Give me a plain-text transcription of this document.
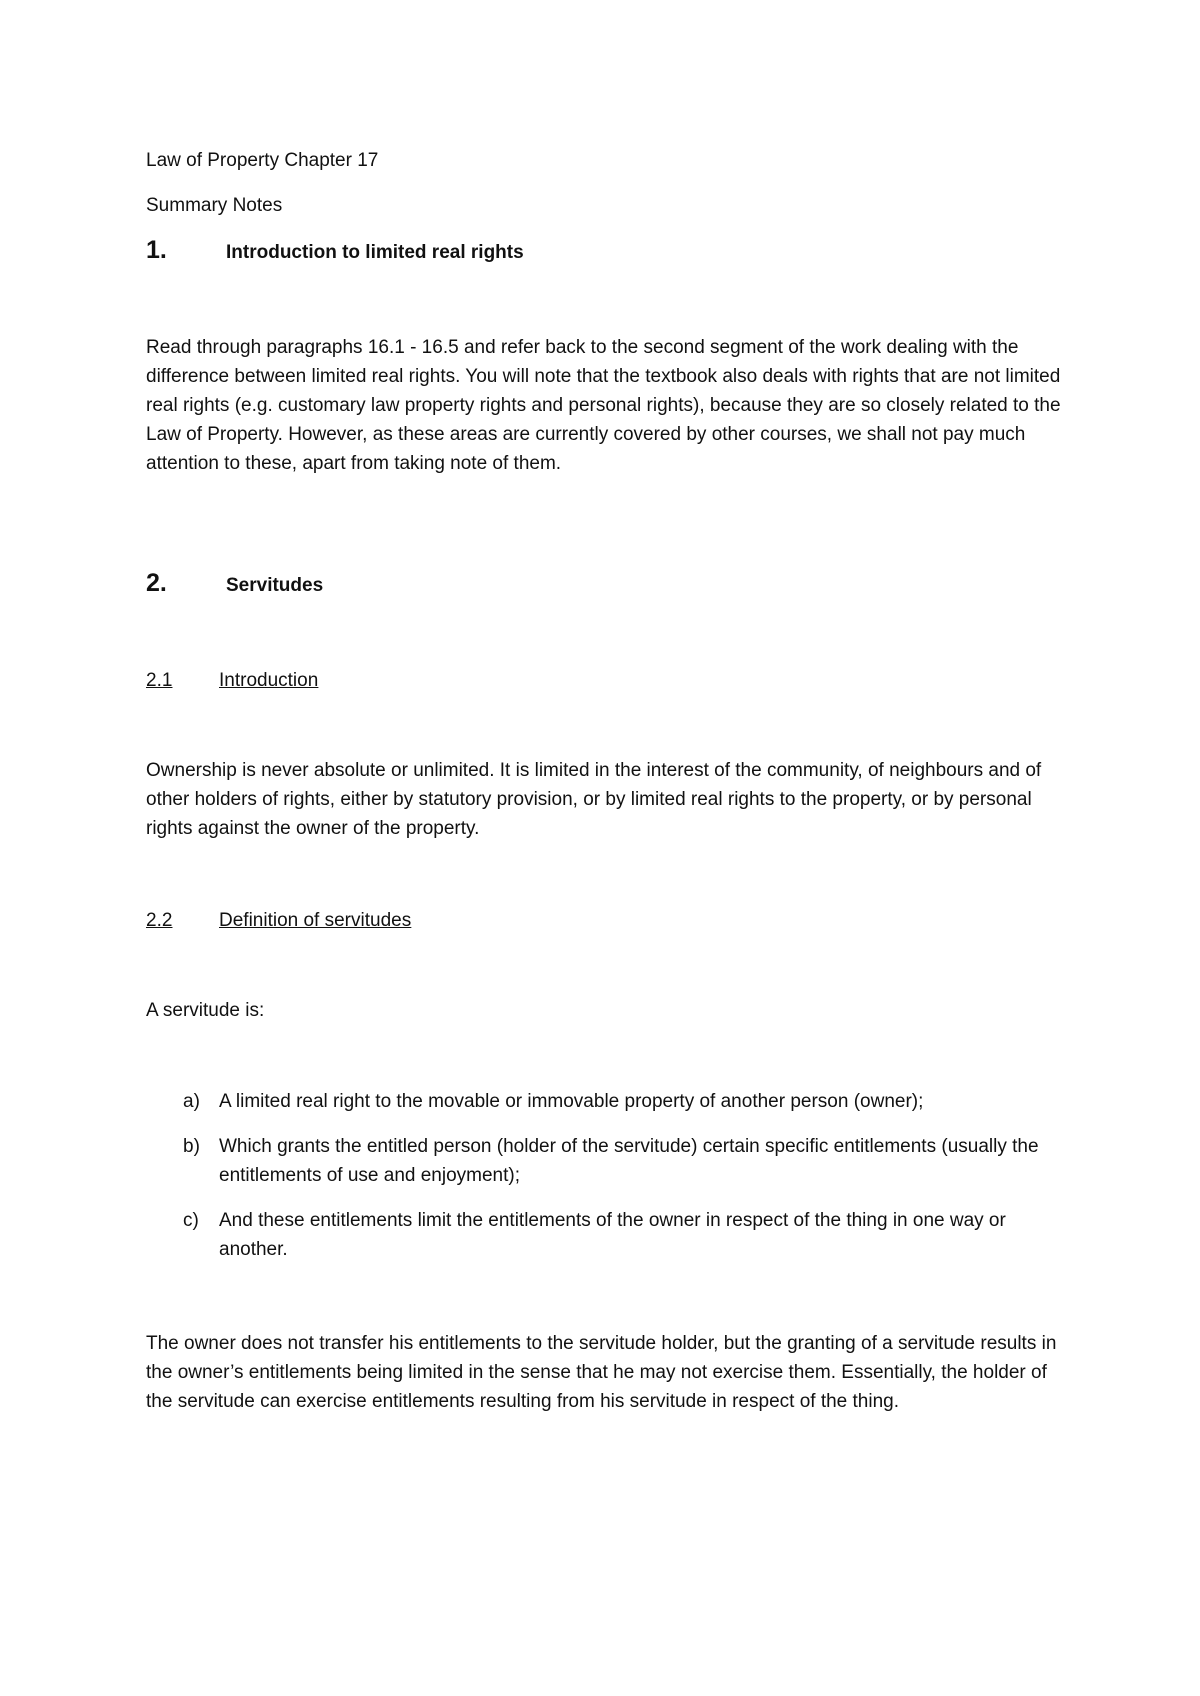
Law of Property Chapter 17

Summary Notes

1.	Introduction to limited real rights

Read through paragraphs 16.1 - 16.5 and refer back to the second segment of the work dealing with the difference between limited real rights. You will note that the textbook also deals with rights that are not limited real rights (e.g. customary law property rights and personal rights), because they are so closely related to the Law of Property. However, as these areas are currently covered by other courses, we shall not pay much attention to these, apart from taking note of them.

2.	Servitudes
2.1	Introduction

Ownership is never absolute or unlimited. It is limited in the interest of the community, of neighbours and of other holders of rights, either by statutory provision, or by limited real rights to the property, or by personal rights against the owner of the property.

2.2	Definition of servitudes

A servitude is:

a)	A limited real right to the movable or immovable property of another person (owner);
b)	Which grants the entitled person (holder of the servitude) certain specific entitlements (usually the entitlements of use and enjoyment);
c)	And these entitlements limit the entitlements of the owner in respect of the thing in one way or another.

The owner does not transfer his entitlements to the servitude holder, but the granting of a servitude results in the owner’s entitlements being limited in the sense that he may not exercise them. Essentially, the holder of the servitude can exercise entitlements resulting from his servitude in respect of the thing.
